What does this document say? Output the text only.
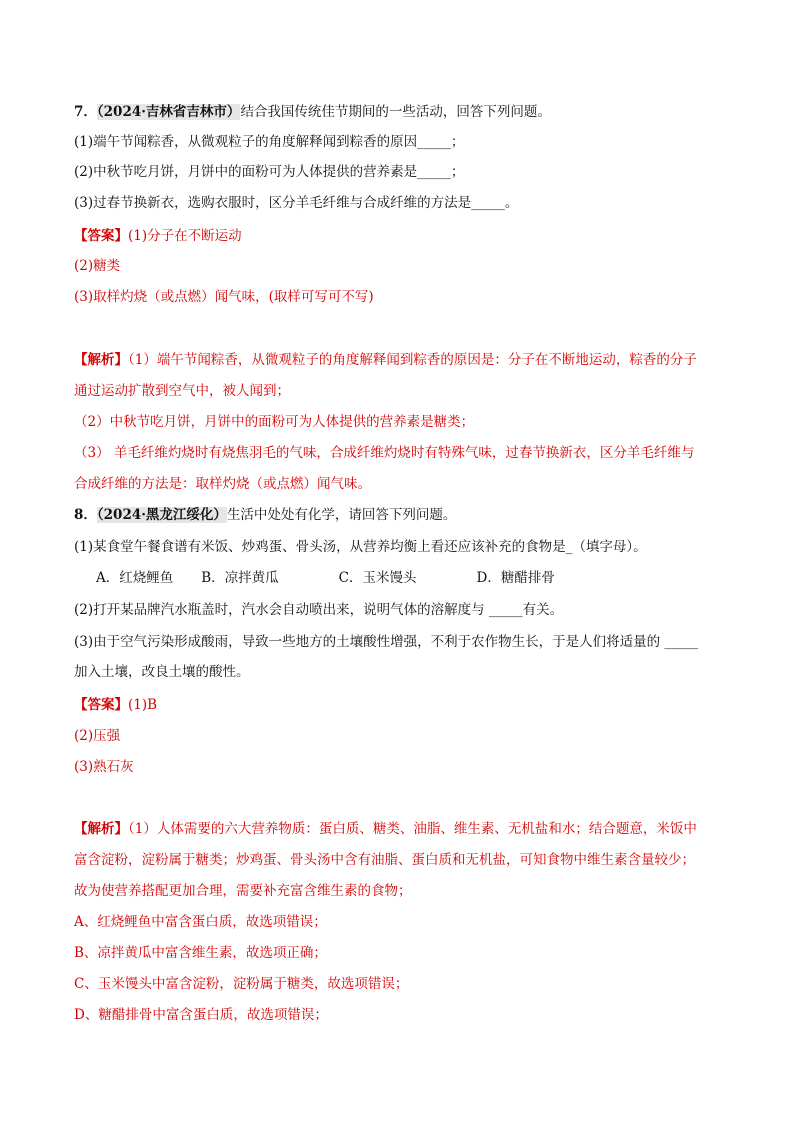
7．（2024·吉林省吉林市）结合我国传统佳节期间的一些活动，回答下列问题。
(1)端午节闻粽香，从微观粒子的角度解释闻到粽香的原因_____；
(2)中秋节吃月饼，月饼中的面粉可为人体提供的营养素是_____；
(3)过春节换新衣，选购衣服时，区分羊毛纤维与合成纤维的方法是_____。
【答案】(1)分子在不断运动
(2)糖类
(3)取样灼烧（或点燃）闻气味，(取样可写可不写)
【解析】（1）端午节闻粽香，从微观粒子的角度解释闻到粽香的原因是：分子在不断地运动，粽香的分子
通过运动扩散到空气中，被人闻到；
（2）中秋节吃月饼，月饼中的面粉可为人体提供的营养素是糖类；
（3） 羊毛纤维灼烧时有烧焦羽毛的气味，合成纤维灼烧时有特殊气味，过春节换新衣，区分羊毛纤维与
合成纤维的方法是：取样灼烧（或点燃）闻气味。
8．（2024·黑龙江绥化）生活中处处有化学，请回答下列问题。
(1)某食堂午餐食谱有米饭、炒鸡蛋、骨头汤，从营养均衡上看还应该补充的食物是_（填字母）。
A．红烧鲤鱼 B．凉拌黄瓜	C．玉米馒头	D．糖醋排骨
(2)打开某品牌汽水瓶盖时，汽水会自动喷出来，说明气体的溶解度与 _____有关。
(3)由于空气污染形成酸雨，导致一些地方的土壤酸性增强，不利于农作物生长，于是人们将适量的 _____
加入土壤，改良土壤的酸性。
【答案】(1)B
(2)压强
(3)熟石灰
【解析】（1）人体需要的六大营养物质：蛋白质、糖类、油脂、维生素、无机盐和水；结合题意，米饭中
富含淀粉，淀粉属于糖类；炒鸡蛋、骨头汤中含有油脂、蛋白质和无机盐，可知食物中维生素含量较少；
故为使营养搭配更加合理，需要补充富含维生素的食物；
A、红烧鲤鱼中富含蛋白质，故选项错误；
B、凉拌黄瓜中富含维生素，故选项正确；
C、玉米馒头中富含淀粉，淀粉属于糖类，故选项错误；
D、糖醋排骨中富含蛋白质，故选项错误；
